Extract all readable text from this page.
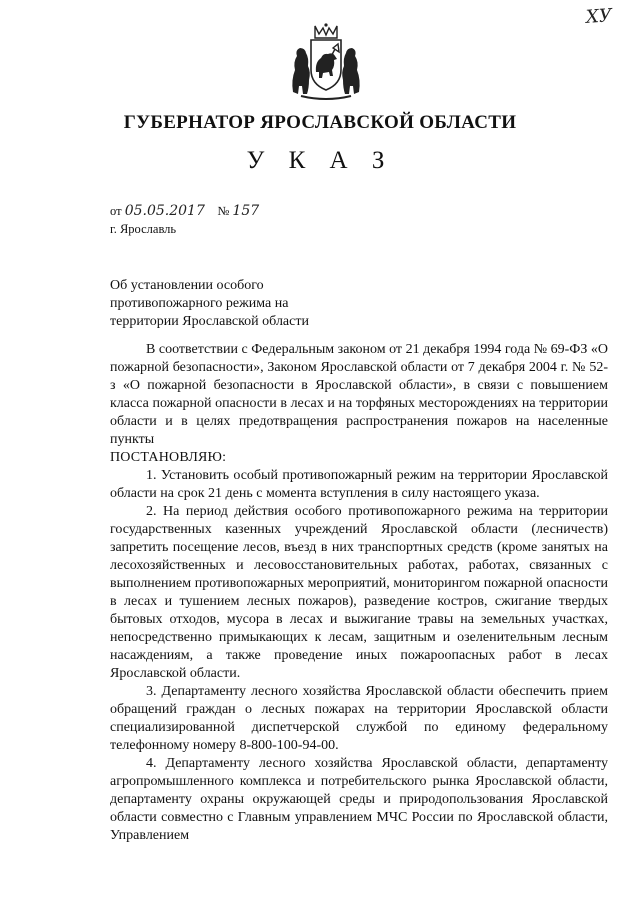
ХУ
ГУБЕРНАТОР ЯРОСЛАВСКОЙ ОБЛАСТИ
У К А З
от 05.05.2017 № 157
г. Ярославль
Об установлении особого
противопожарного режима на
территории Ярославской области

В соответствии с Федеральным законом от 21 декабря 1994 года № 69-ФЗ «О пожарной безопасности», Законом Ярославской области от 7 декабря 2004 г. № 52-з «О пожарной безопасности в Ярославской области», в связи с повышением класса пожарной опасности в лесах и на торфяных месторождениях на территории области и в целях предотвращения распространения пожаров на населенные пункты

ПОСТАНОВЛЯЮ:

1. Установить особый противопожарный режим на территории Ярославской области на срок 21 день с момента вступления в силу настоящего указа.

2. На период действия особого противопожарного режима на территории государственных казенных учреждений Ярославской области (лесничеств) запретить посещение лесов, въезд в них транспортных средств (кроме занятых на лесохозяйственных и лесовосстановительных работах, работах, связанных с выполнением противопожарных мероприятий, мониторингом пожарной опасности в лесах и тушением лесных пожаров), разведение костров, сжигание твердых бытовых отходов, мусора в лесах и выжигание травы на земельных участках, непосредственно примыкающих к лесам, защитным и озеленительным лесным насаждениям, а также проведение иных пожароопасных работ в лесах Ярославской области.

3. Департаменту лесного хозяйства Ярославской области обеспечить прием обращений граждан о лесных пожарах на территории Ярославской области специализированной диспетчерской службой по единому федеральному телефонному номеру 8-800-100-94-00.

4. Департаменту лесного хозяйства Ярославской области, департаменту агропромышленного комплекса и потребительского рынка Ярославской области, департаменту охраны окружающей среды и природопользования Ярославской области совместно с Главным управлением МЧС России по Ярославской области, Управлением
